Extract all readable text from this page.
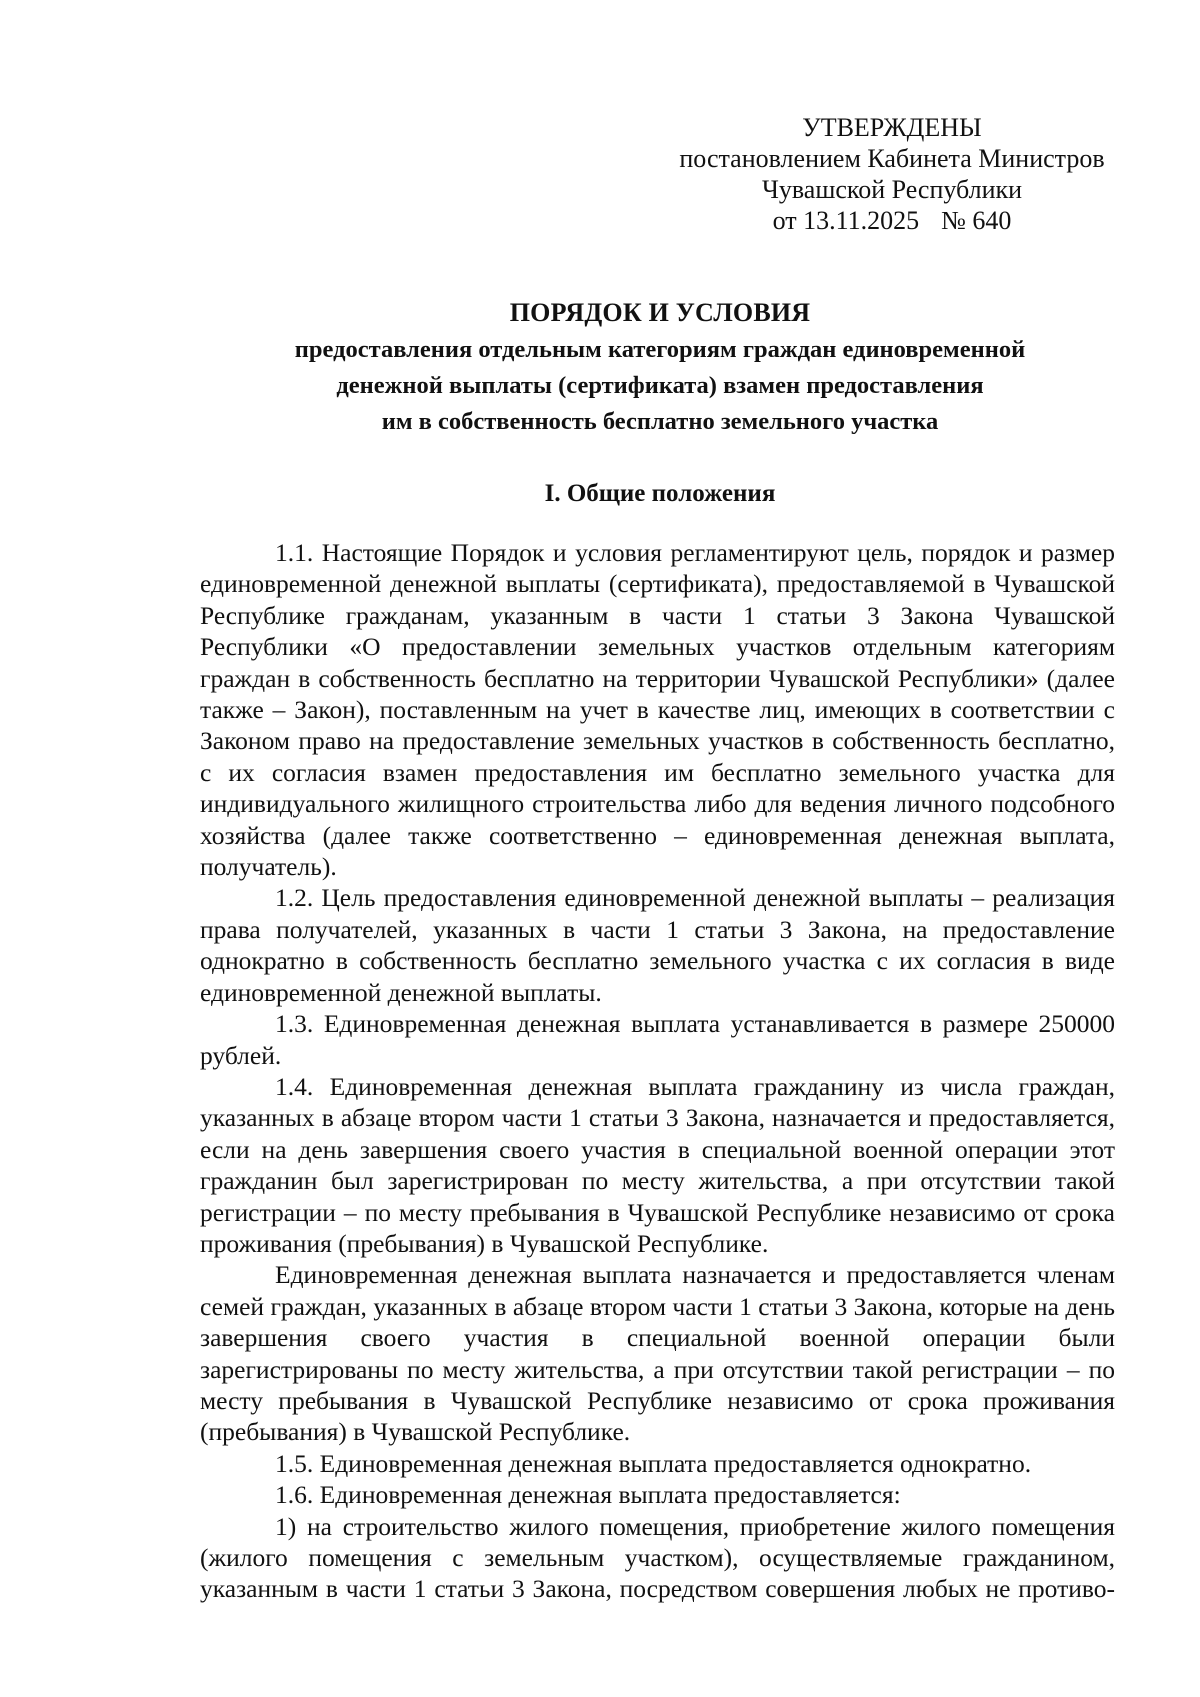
УТВЕРЖДЕНЫ
постановлением Кабинета Министров
Чувашской Республики
от 13.11.2025 № 640
ПОРЯДОК И УСЛОВИЯ
предоставления отдельным категориям граждан единовременной
денежной выплаты (сертификата) взамен предоставления
им в собственность бесплатно земельного участка
I. Общие положения

1.1. Настоящие Порядок и условия регламентируют цель, порядок и размер единовременной денежной выплаты (сертификата), предоставляемой в Чувашской Республике гражданам, указанным в части 1 статьи 3 Закона Чувашской Республики «О предоставлении земельных участков отдельным категориям граждан в собственность бесплатно на территории Чувашской Республики» (далее также – Закон), поставленным на учет в качестве лиц, имеющих в соответствии с Законом право на предоставление земельных участков в собственность бесплатно, с их согласия взамен предоставления им бесплатно земельного участка для индивидуального жилищного строительства либо для ведения личного подсобного хозяйства (далее также соответственно – единовременная денежная выплата, получатель).

1.2. Цель предоставления единовременной денежной выплаты – реализация права получателей, указанных в части 1 статьи 3 Закона, на предоставление однократно в собственность бесплатно земельного участка с их согласия в виде единовременной денежной выплаты.

1.3. Единовременная денежная выплата устанавливается в размере 250000 рублей.

1.4. Единовременная денежная выплата гражданину из числа граждан, указанных в абзаце втором части 1 статьи 3 Закона, назначается и предоставляется, если на день завершения своего участия в специальной военной операции этот гражданин был зарегистрирован по месту жительства, а при отсутствии такой регистрации – по месту пребывания в Чувашской Республике независимо от срока проживания (пребывания) в Чувашской Республике.

Единовременная денежная выплата назначается и предоставляется членам семей граждан, указанных в абзаце втором части 1 статьи 3 Закона, которые на день завершения своего участия в специальной военной операции были зарегистрированы по месту жительства, а при отсутствии такой регистрации – по месту пребывания в Чувашской Республике независимо от срока проживания (пребывания) в Чувашской Республике.

1.5. Единовременная денежная выплата предоставляется однократно.

1.6. Единовременная денежная выплата предоставляется:

1) на строительство жилого помещения, приобретение жилого помещения (жилого помещения с земельным участком), осуществляемые гражданином, указанным в части 1 статьи 3 Закона, посредством совершения любых не противо-
